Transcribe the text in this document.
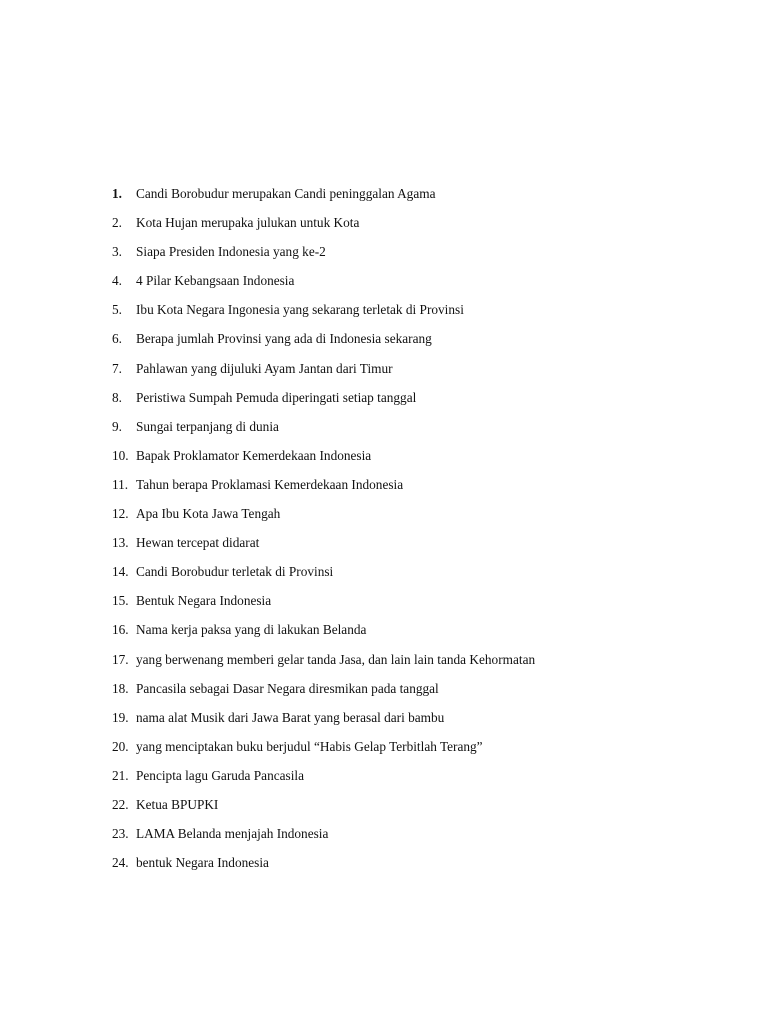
1. Candi Borobudur merupakan Candi peninggalan Agama
2. Kota Hujan merupaka julukan untuk Kota
3. Siapa Presiden Indonesia yang ke-2
4. 4 Pilar Kebangsaan Indonesia
5. Ibu Kota Negara Ingonesia yang sekarang terletak di Provinsi
6. Berapa jumlah Provinsi yang ada di Indonesia sekarang
7. Pahlawan yang dijuluki Ayam Jantan dari Timur
8. Peristiwa Sumpah Pemuda diperingati setiap tanggal
9. Sungai terpanjang di dunia
10. Bapak Proklamator Kemerdekaan Indonesia
11. Tahun berapa Proklamasi Kemerdekaan Indonesia
12. Apa Ibu Kota Jawa Tengah
13. Hewan tercepat didarat
14. Candi Borobudur terletak di Provinsi
15. Bentuk Negara Indonesia
16. Nama kerja paksa yang di lakukan Belanda
17. yang berwenang memberi gelar tanda Jasa, dan lain lain tanda Kehormatan
18. Pancasila sebagai Dasar Negara diresmikan pada tanggal
19.nama alat Musik dari Jawa Barat yang berasal dari bambu
20. yang menciptakan buku berjudul “Habis Gelap Terbitlah Terang”
21. Pencipta lagu Garuda Pancasila
22. Ketua BPUPKI
23. LAMA Belanda menjajah Indonesia
24. bentuk Negara Indonesia
